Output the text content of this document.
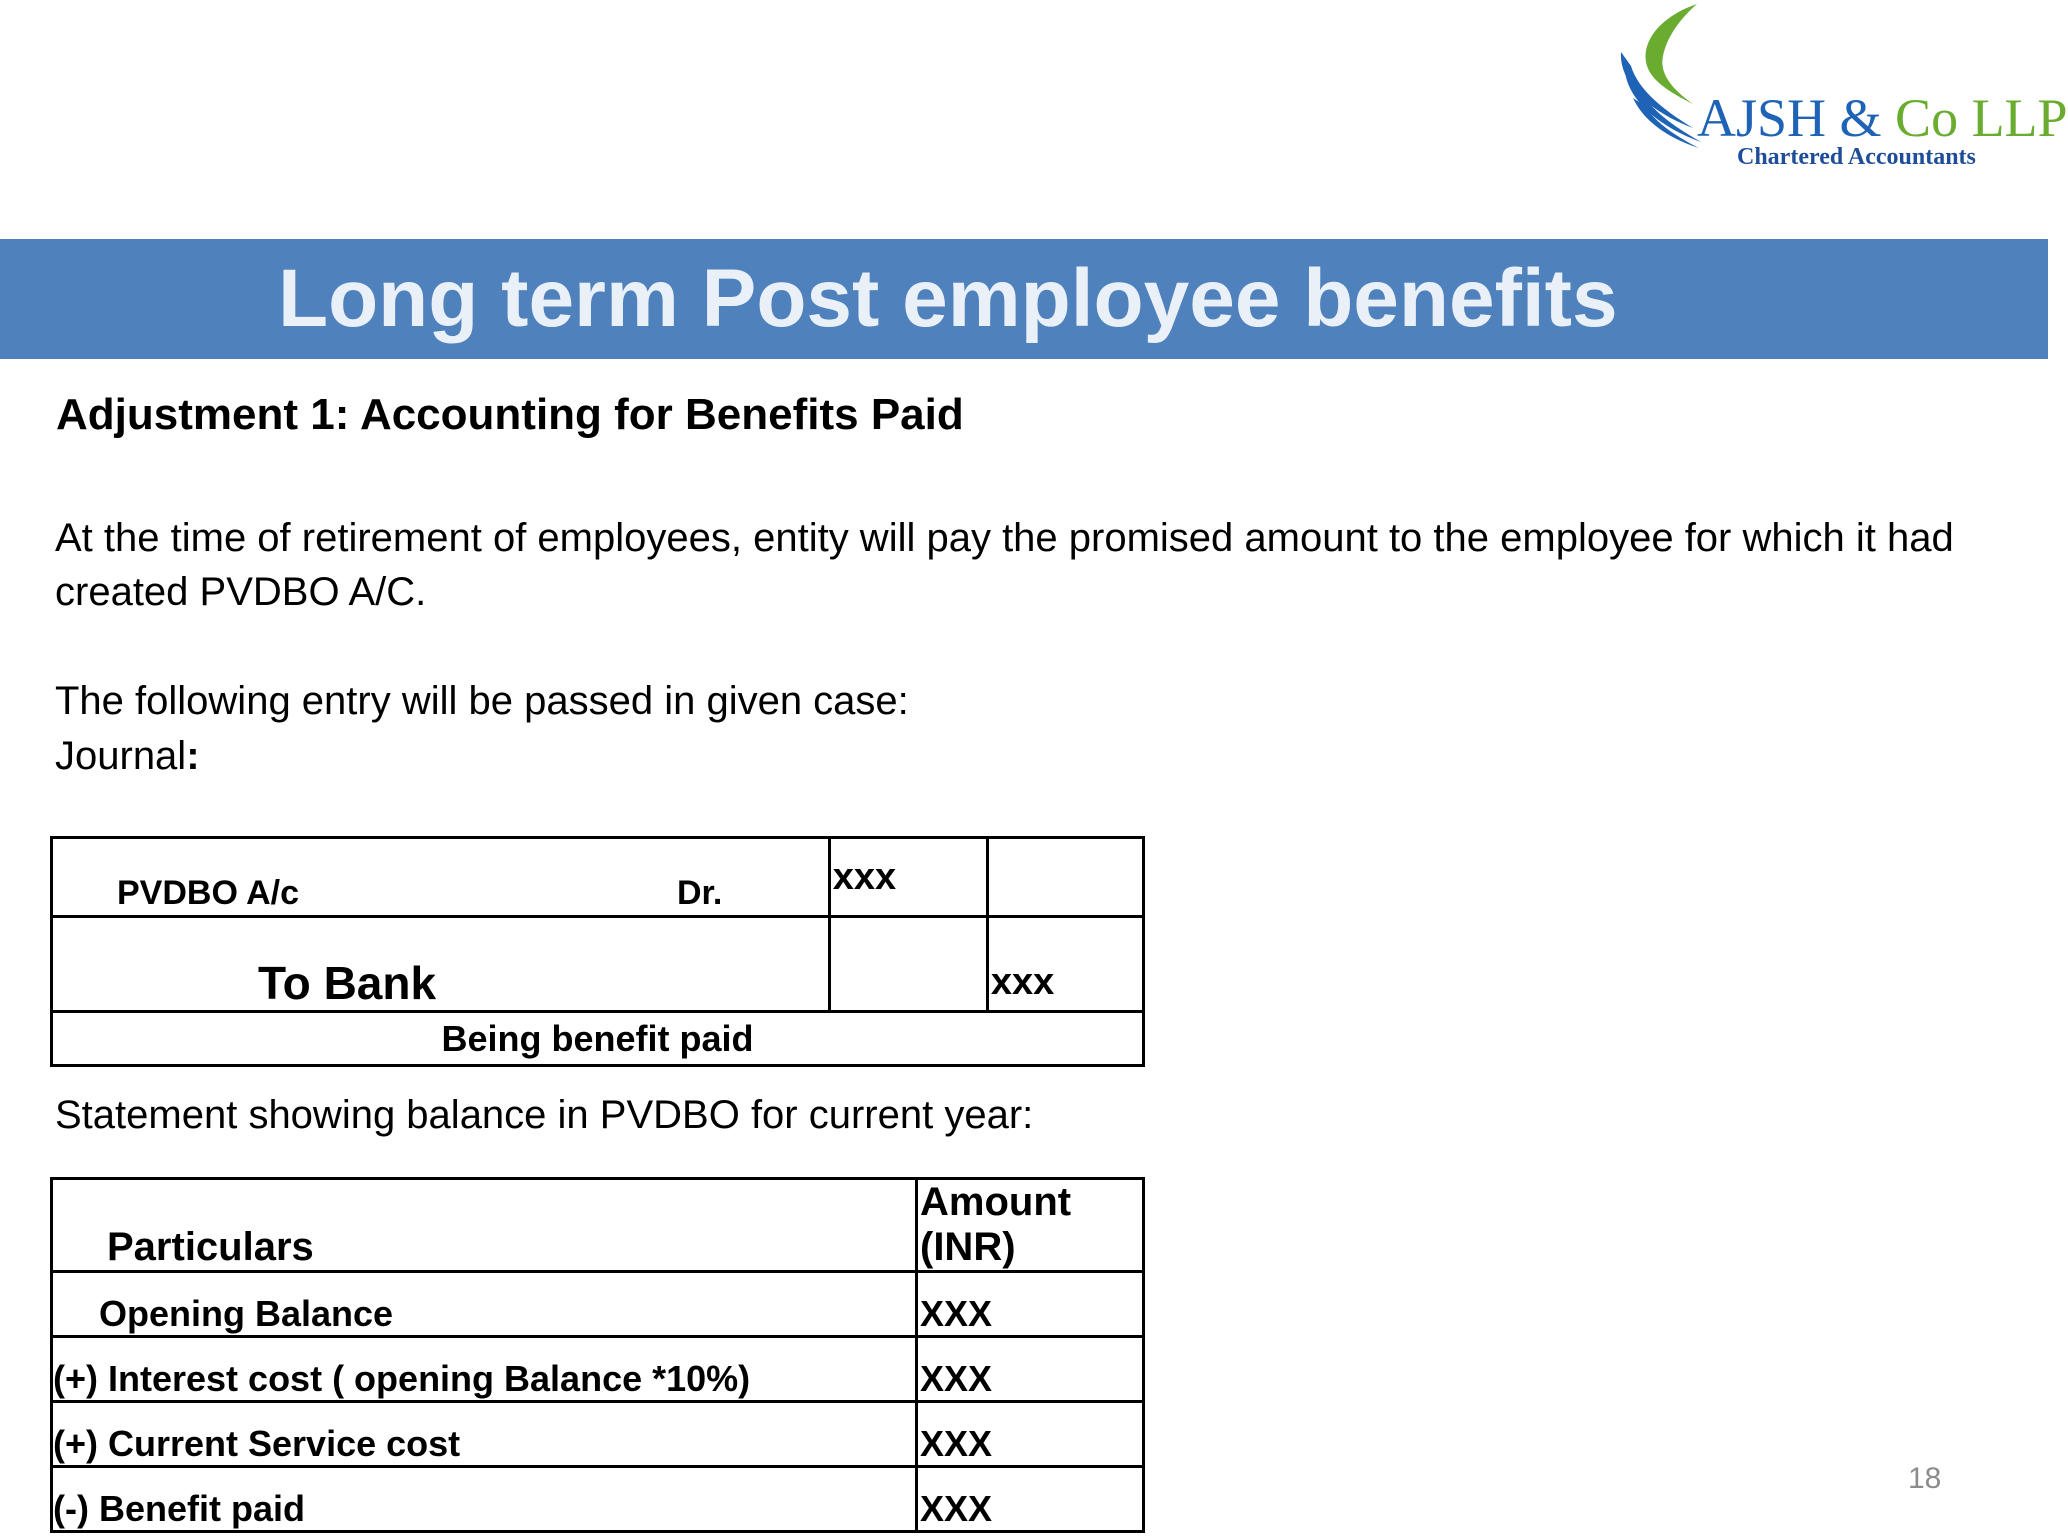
AJSH & Co LLP
Chartered Accountants
Long term Post employee benefits
Adjustment 1: Accounting for Benefits Paid
At the time of retirement of employees, entity will pay the promised amount to the employee for which it had created PVDBO A/C.
The following entry will be passed in given case:
Journal:
PVDBO A/c Dr.	xxx	
To Bank		xxx
Being benefit paid		
Statement showing balance in PVDBO for current year:
Particulars	Amount (INR)
Opening Balance	XXX
(+) Interest cost ( opening Balance *10%)	XXX
(+) Current Service cost	XXX
(-) Benefit paid	XXX
18
